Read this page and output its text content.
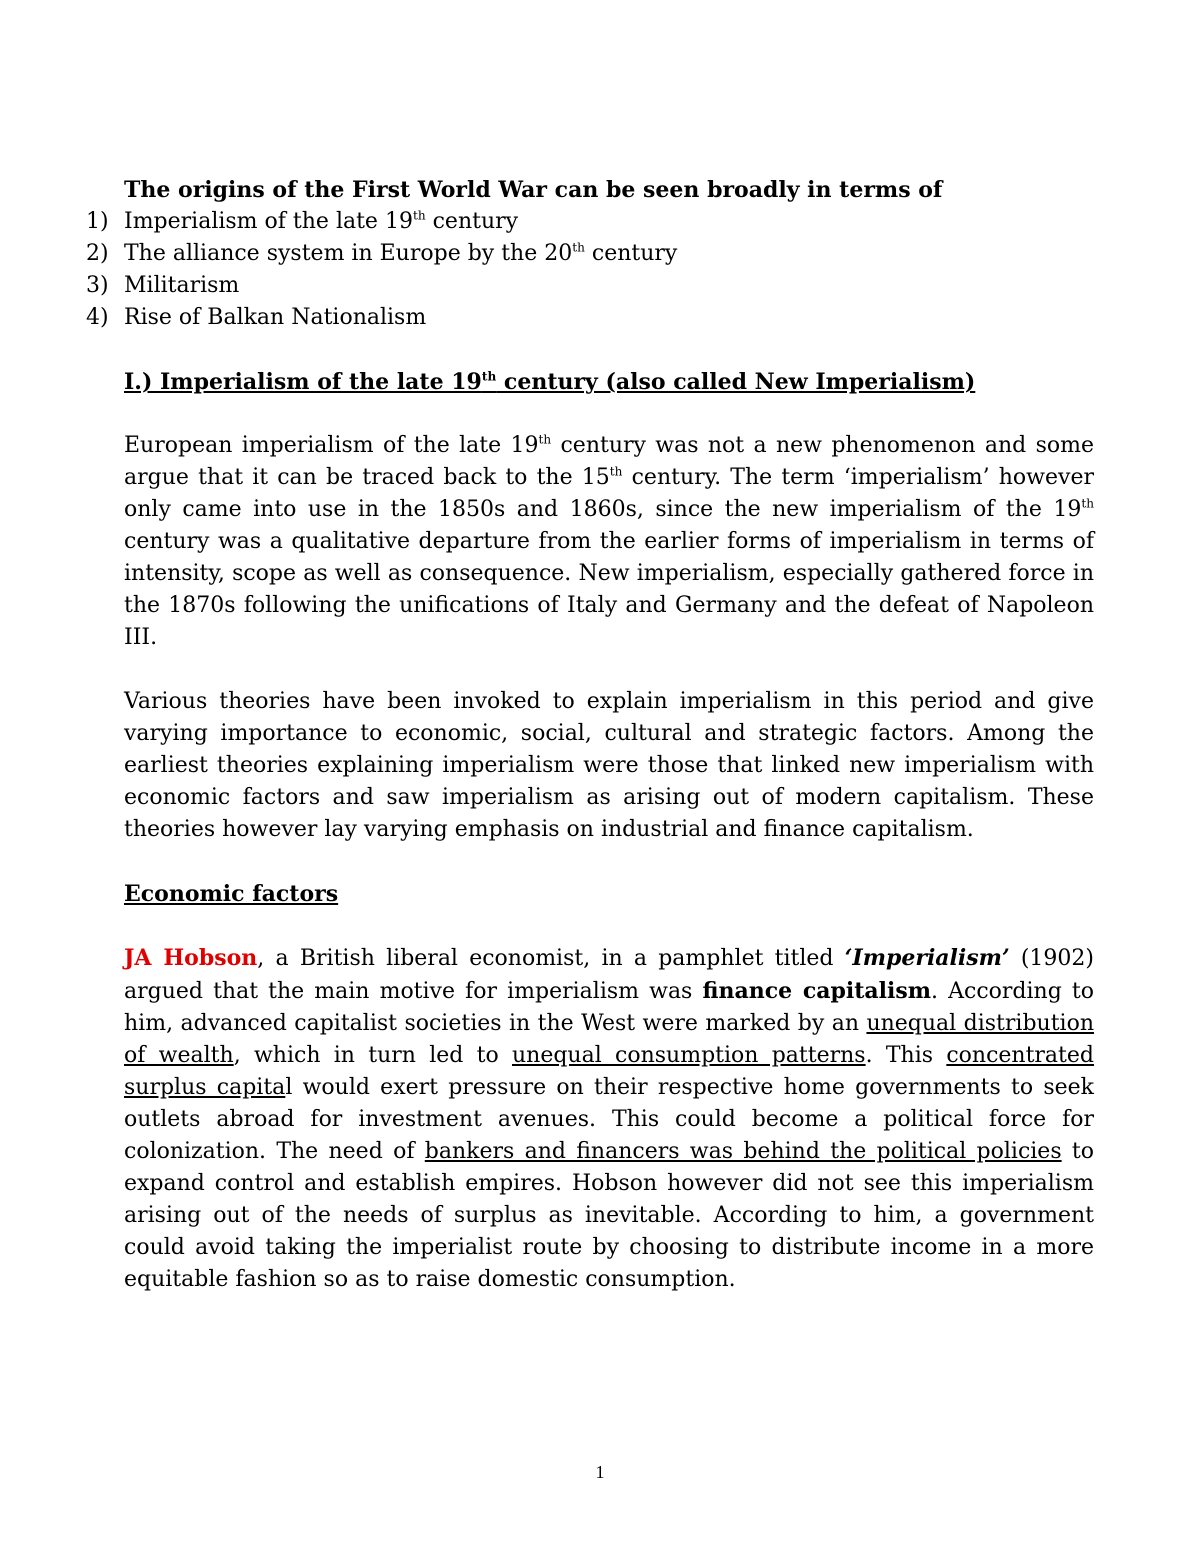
The origins of the First World War can be seen broadly in terms of

1) Imperialism of the late 19th century
2) The alliance system in Europe by the 20th century
3) Militarism
4) Rise of Balkan Nationalism

I.) Imperialism of the late 19th century (also called New Imperialism)

European imperialism of the late 19th century was not a new phenomenon and some argue that it can be traced back to the 15th century. The term ‘imperialism’ however only came into use in the 1850s and 1860s, since the new imperialism of the 19th century was a qualitative departure from the earlier forms of imperialism in terms of intensity, scope as well as consequence. New imperialism, especially gathered force in the 1870s following the unifications of Italy and Germany and the defeat of Napoleon III.

Various theories have been invoked to explain imperialism in this period and give varying importance to economic, social, cultural and strategic factors. Among the earliest theories explaining imperialism were those that linked new imperialism with economic factors and saw imperialism as arising out of modern capitalism. These theories however lay varying emphasis on industrial and finance capitalism.

Economic factors

JA Hobson, a British liberal economist, in a pamphlet titled ‘Imperialism’ (1902) argued that the main motive for imperialism was finance capitalism. According to him, advanced capitalist societies in the West were marked by an unequal distribution of wealth, which in turn led to unequal consumption patterns. This concentrated surplus capital would exert pressure on their respective home governments to seek outlets abroad for investment avenues. This could become a political force for colonization. The need of bankers and financers was behind the political policies to expand control and establish empires. Hobson however did not see this imperialism arising out of the needs of surplus as inevitable. According to him, a government could avoid taking the imperialist route by choosing to distribute income in a more equitable fashion so as to raise domestic consumption.

1
